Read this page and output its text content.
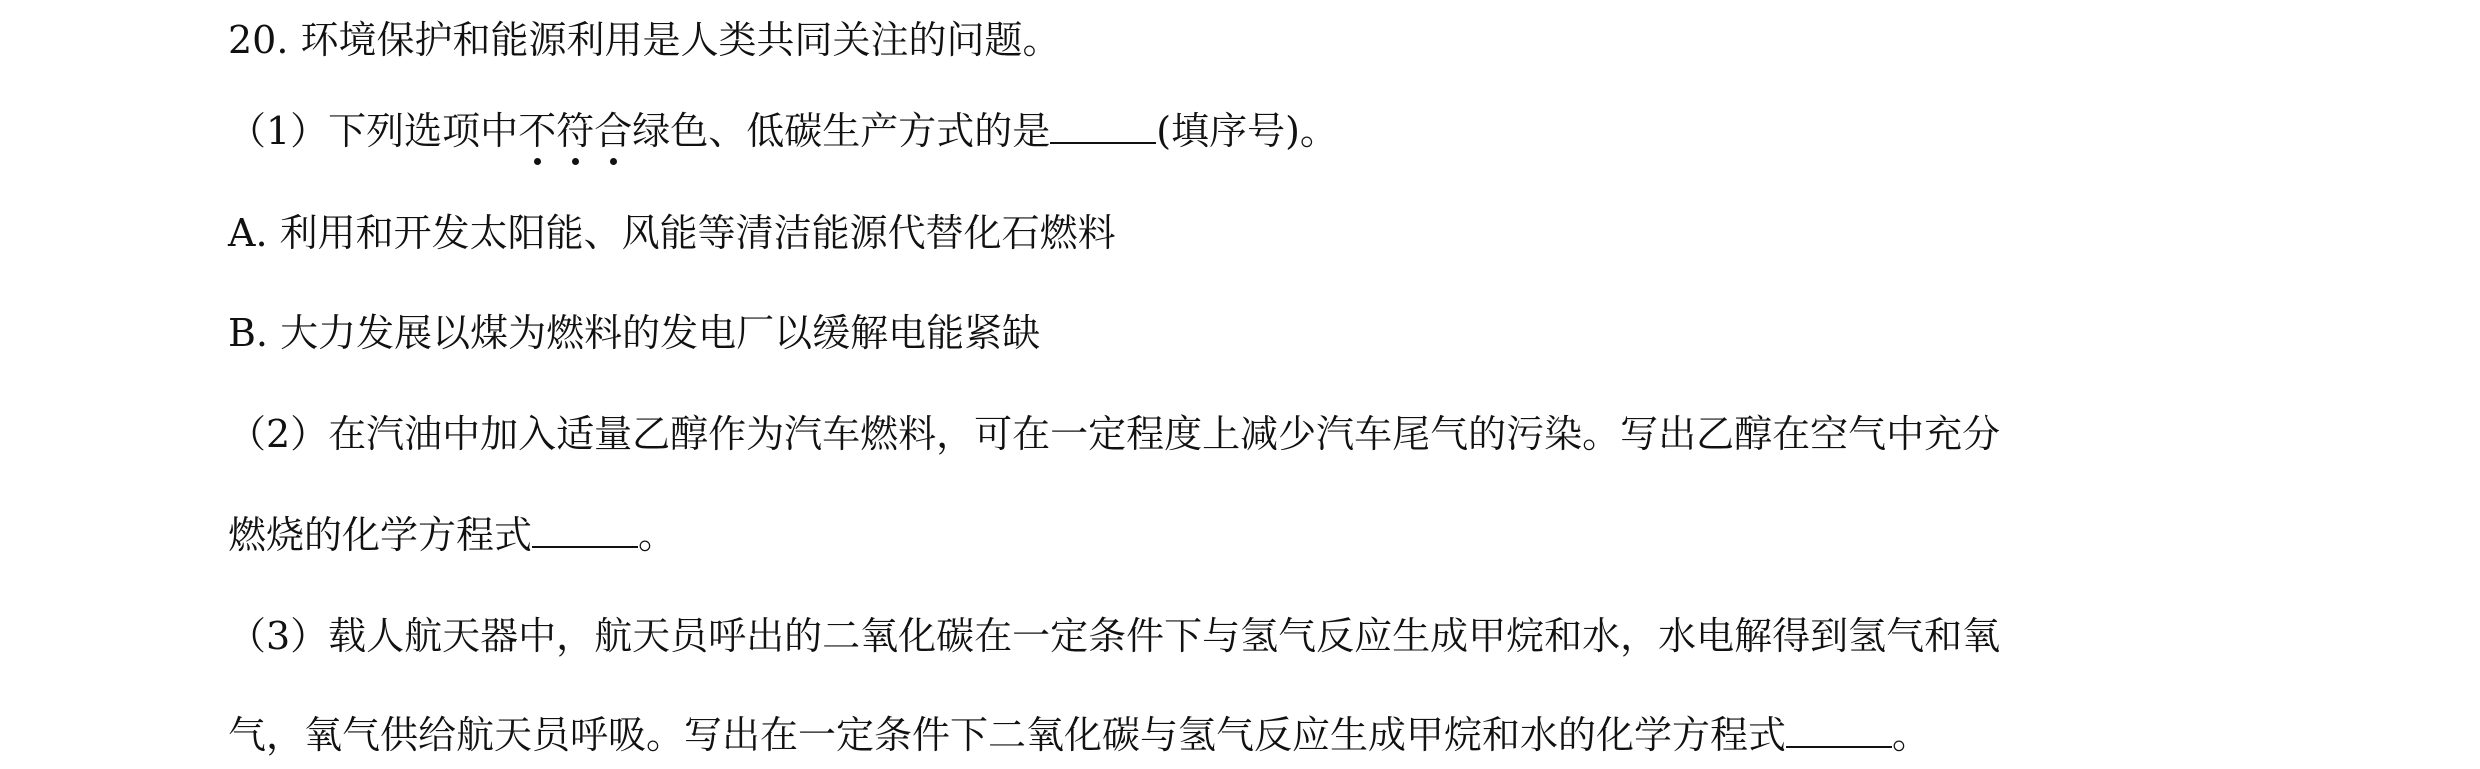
20. 环境保护和能源利用是人类共同关注的问题。
（1）下列选项中不符合绿色、低碳生产方式的是	(填序号)。
A. 利用和开发太阳能、风能等清洁能源代替化石燃料
B. 大力发展以煤为燃料的发电厂以缓解电能紧缺
（2）在汽油中加入适量乙醇作为汽车燃料，可在一定程度上减少汽车尾气的污染。写出乙醇在空气中充分
燃烧的化学方程式	。
（3）载人航天器中，航天员呼出的二氧化碳在一定条件下与氢气反应生成甲烷和水，水电解得到氢气和氧
气，氧气供给航天员呼吸。写出在一定条件下二氧化碳与氢气反应生成甲烷和水的化学方程式	。
